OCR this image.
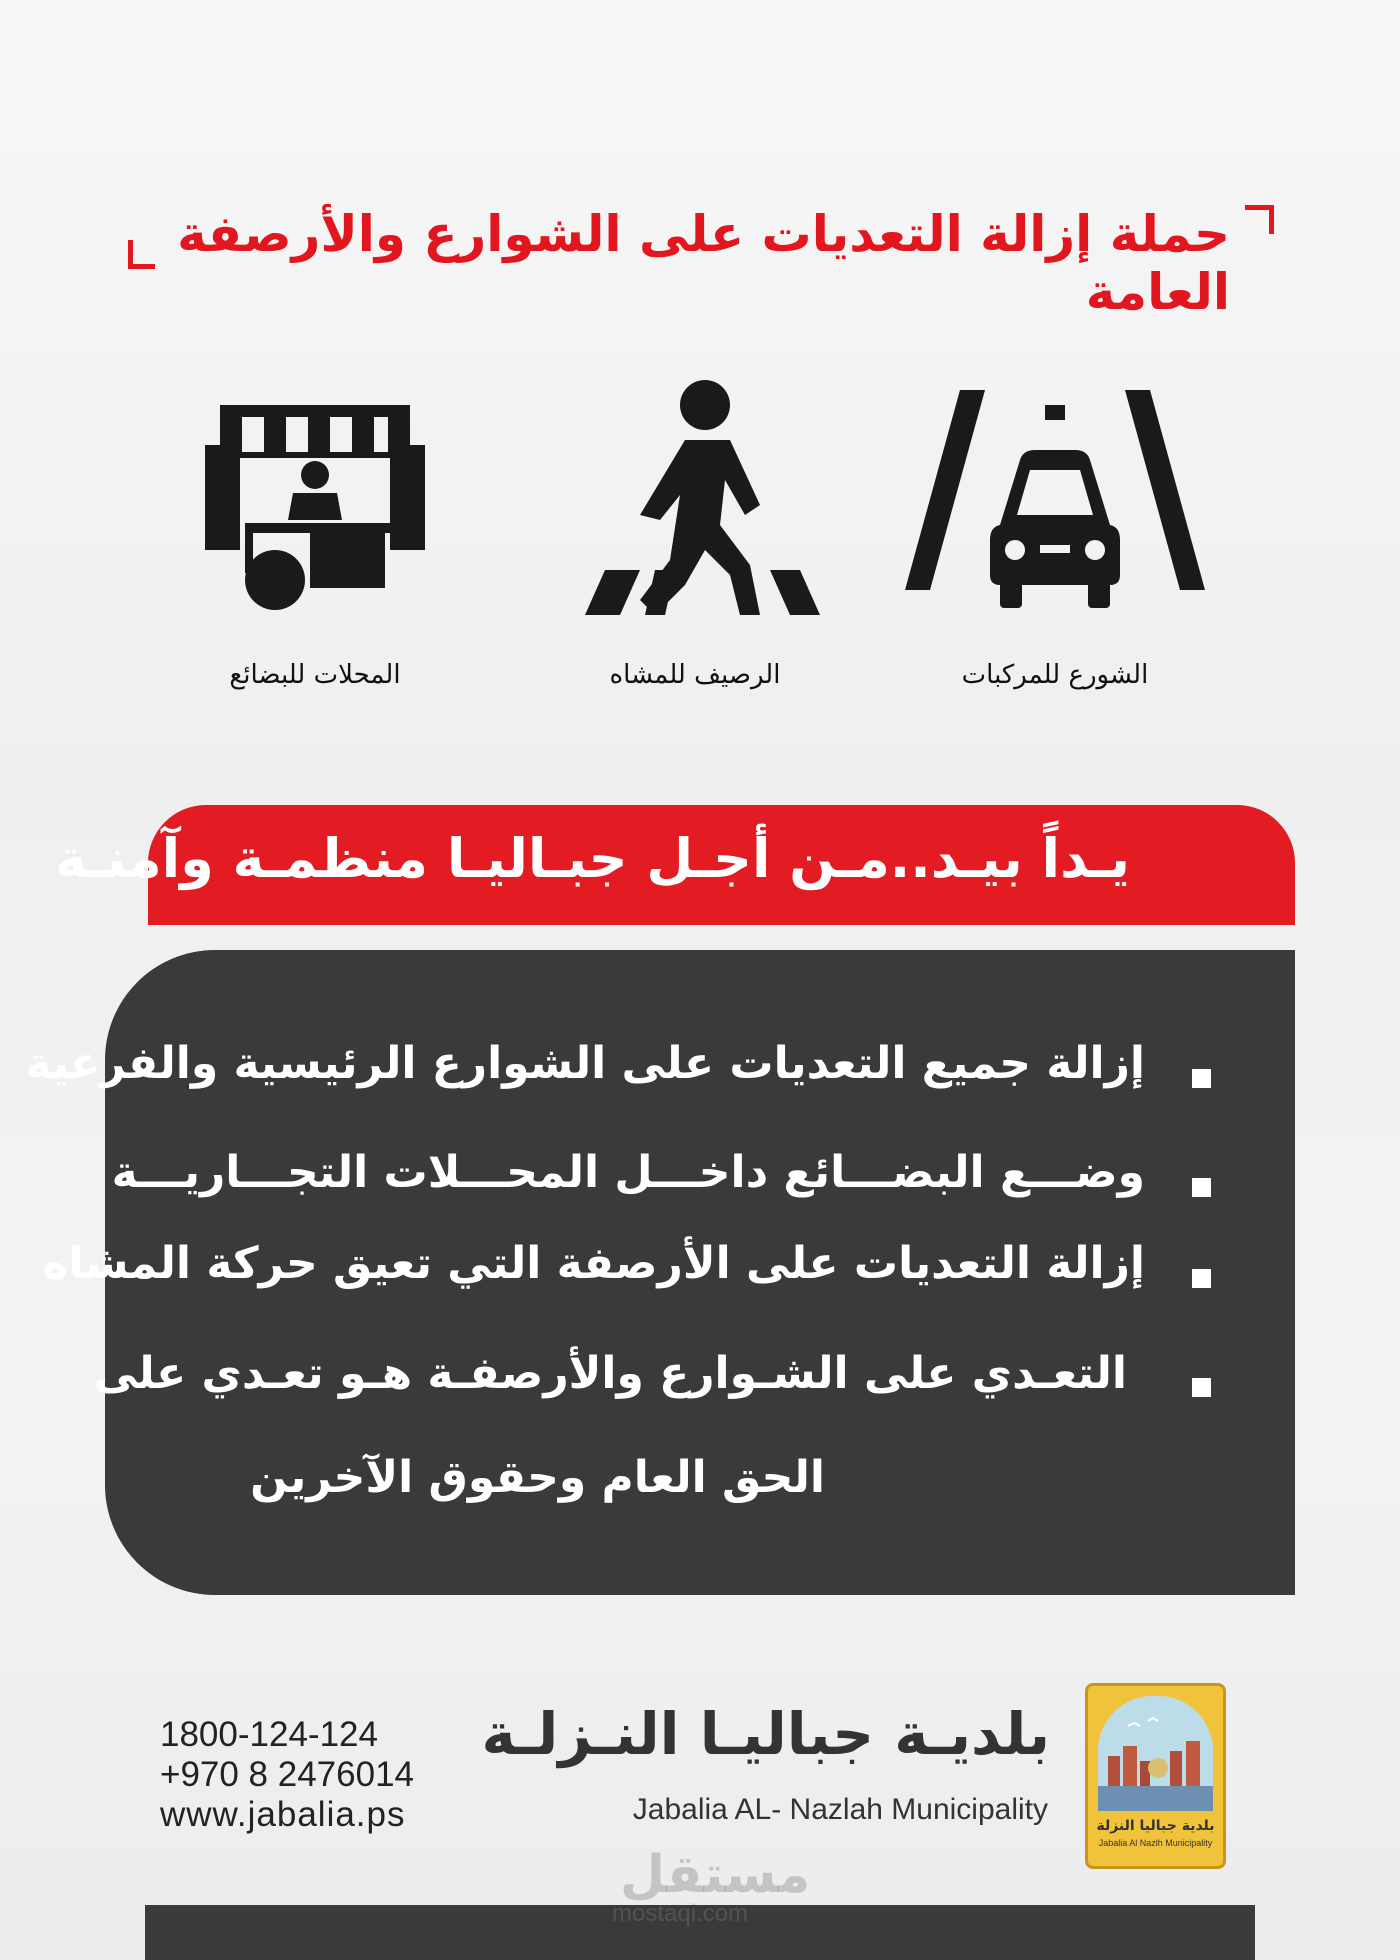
حملة إزالة التعديات على الشوارع والأرصفة العامة
الشورع للمركبات
الرصيف للمشاه
المحلات للبضائع
يـداً بيـد..مـن أجـل جبـاليـا منظمـة وآمنـة
إزالة جميع التعديات على الشوارع الرئيسية والفرعية
وضـــع البضـــائع داخـــل المحـــلات التجـــاريـــة
إزالة التعديات على الأرصفة التي تعيق حركة المشاه
التعـدي على الشـوارع والأرصفـة هـو تعـدي على
الحق العام وحقوق الآخرين
1800-124-124
+970 8 2476014
www.jabalia.ps
بلديـة جباليـا النـزلـة
Jabalia AL- Nazlah Municipality	بلدية جباليا النزلة
Jabalia Al Nazlh Municipality
مستقل
mostaqi.com
